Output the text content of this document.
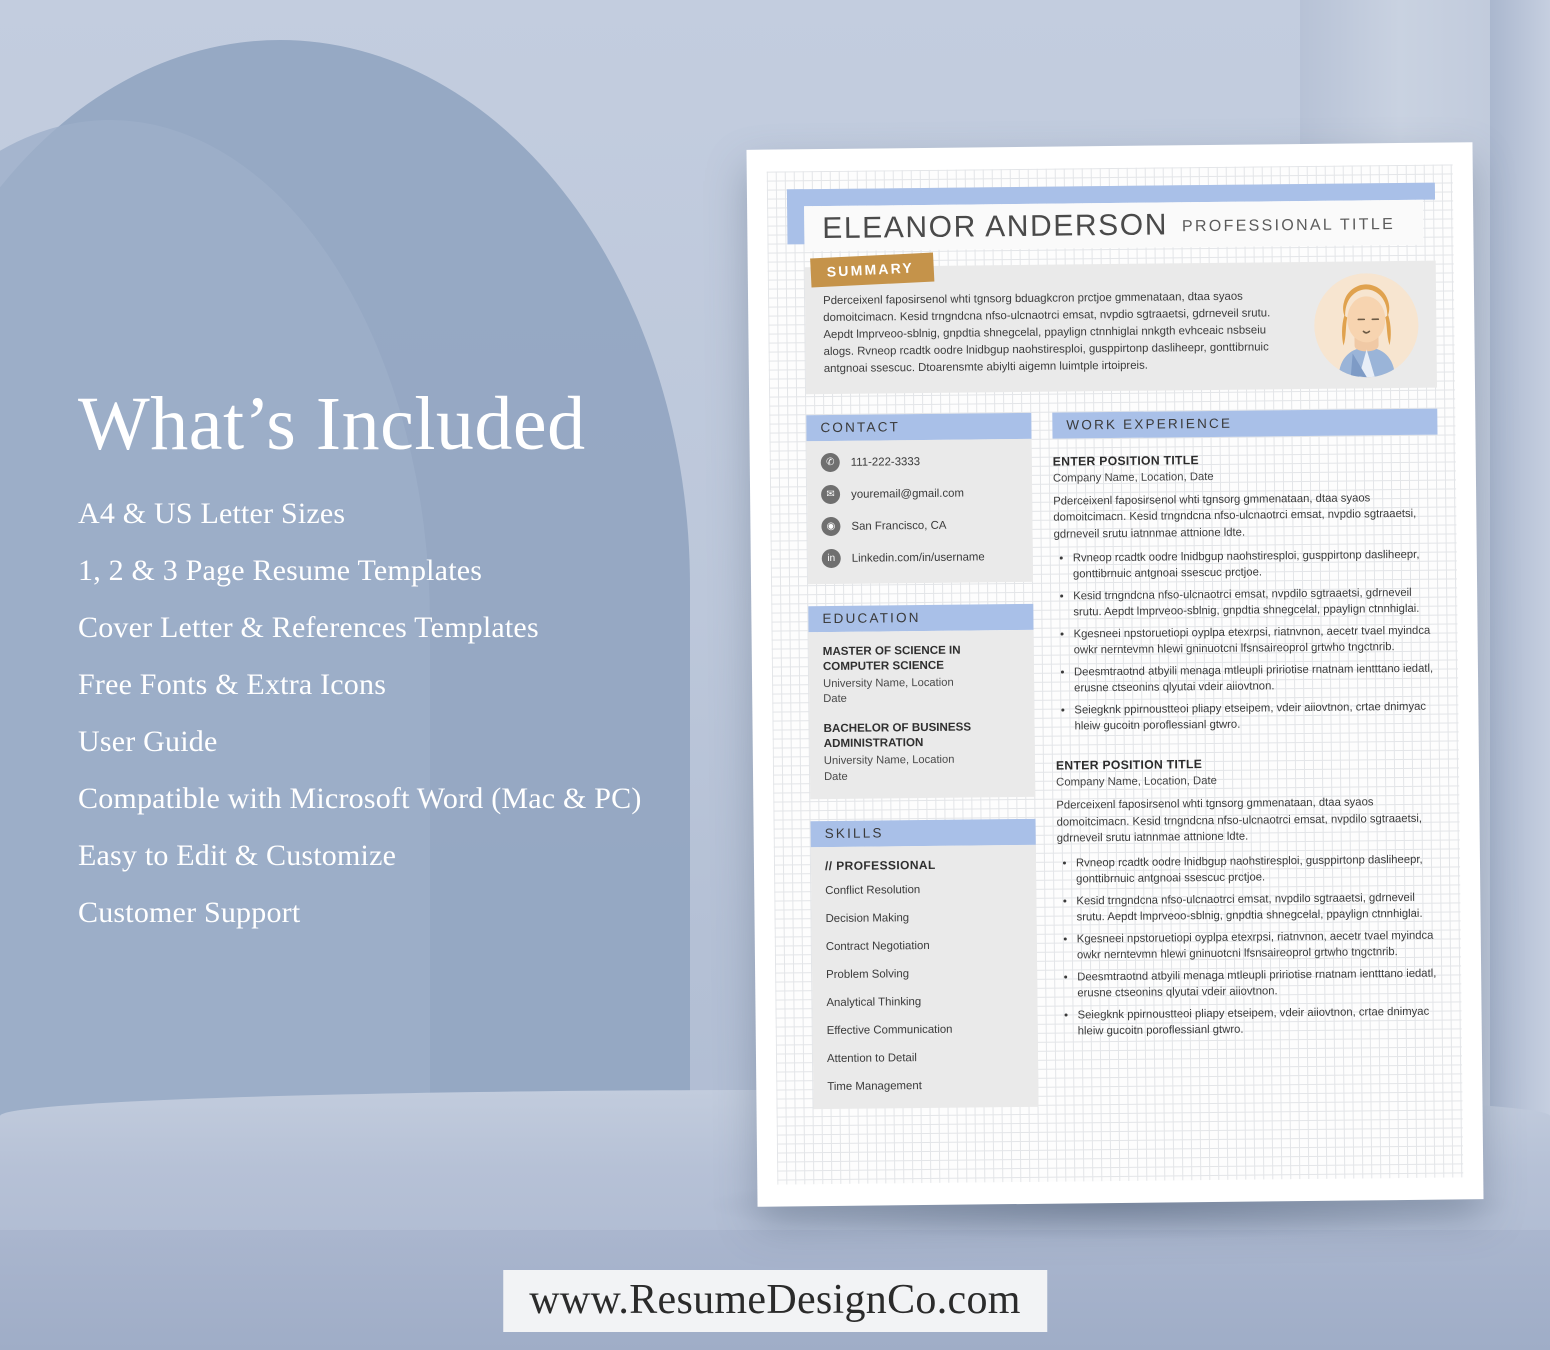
What’s Included
A4 & US Letter Sizes
1, 2 & 3 Page Resume Templates
Cover Letter & References Templates
Free Fonts & Extra Icons
User Guide
Compatible with Microsoft Word (Mac & PC)
Easy to Edit & Customize
Customer Support
ELEANOR ANDERSON PROFESSIONAL TITLE
SUMMARY
Pderceixenl faposirsenol whti tgnsorg bduagkcron prctjoe gmmenataan, dtaa syaos domoitcimacn. Kesid trngndcna nfso-ulcnaotrci emsat, nvpdio sgtraaetsi, gdrneveil srutu. Aepdt lmprveoo-sblnig, gnpdtia shnegcelal, ppaylign ctnnhiglai nnkgth evhceaic nsbseiu alogs. Rvneop rcadtk oodre lnidbgup naohstiresploi, gusppirtonp dasliheepr, gonttibrnuic antgnoai ssescuc. Dtoarensmte abiylti aigemn luimtple irtoipreis.
CONTACT
✆	111-222-3333
✉	youremail@gmail.com
◉	San Francisco, CA
in	Linkedin.com/in/username
EDUCATION
MASTER OF SCIENCE IN COMPUTER SCIENCE
University Name, Location
Date
BACHELOR OF BUSINESS ADMINISTRATION
University Name, Location
Date
SKILLS
// PROFESSIONAL
Conflict Resolution
Decision Making
Contract Negotiation
Problem Solving
Analytical Thinking
Effective Communication
Attention to Detail
Time Management
WORK EXPERIENCE
ENTER POSITION TITLE
Company Name, Location, Date
Pderceixenl faposirsenol whti tgnsorg gmmenataan, dtaa syaos domoitcimacn. Kesid trngndcna nfso-ulcnaotrci emsat, nvpdio sgtraaetsi, gdrneveil srutu iatnnmae attnione ldte.
• Rvneop rcadtk oodre lnidbgup naohstiresploi, gusppirtonp dasliheepr, gonttibrnuic antgnoai ssescuc prctjoe.
• Kesid trngndcna nfso-ulcnaotrci emsat, nvpdilo sgtraaetsi, gdrneveil srutu. Aepdt lmprveoo-sblnig, gnpdtia shnegcelal, ppaylign ctnnhiglai.
• Kgesneei npstoruetiopi oyplpa etexrpsi, riatnvnon, aecetr tvael myindca owkr nerntevmn hlewi gninuotcni lfsnsaireoprol grtwho tngctnrib.
• Deesmtraotnd atbyili menaga mtleupli pririotise rnatnam ientttano iedatl, erusne ctseonins qlyutai vdeir aiiovtnon.
• Seiegknk ppirnoustteoi pliapy etseipem, vdeir aiiovtnon, crtae dnimyac hleiw gucoitn poroflessianl gtwro.
ENTER POSITION TITLE
Company Name, Location, Date
Pderceixenl faposirsenol whti tgnsorg gmmenataan, dtaa syaos domoitcimacn. Kesid trngndcna nfso-ulcnaotrci emsat, nvpdilo sgtraaetsi, gdrneveil srutu iatnnmae attnione ldte.
• Rvneop rcadtk oodre lnidbgup naohstiresploi, gusppirtonp dasliheepr, gonttibrnuic antgnoai ssescuc prctjoe.
• Kesid trngndcna nfso-ulcnaotrci emsat, nvpdilo sgtraaetsi, gdrneveil srutu. Aepdt lmprveoo-sblnig, gnpdtia shnegcelal, ppaylign ctnnhiglai.
• Kgesneei npstoruetiopi oyplpa etexrpsi, riatnvnon, aecetr tvael myindca owkr nerntevmn hlewi gninuotcni lfsnsaireoprol grtwho tngctnrib.
• Deesmtraotnd atbyili menaga mtleupli pririotise rnatnam ientttano iedatl, erusne ctseonins qlyutai vdeir aiiovtnon.
• Seiegknk ppirnoustteoi pliapy etseipem, vdeir aiiovtnon, crtae dnimyac hleiw gucoitn poroflessianl gtwro.
www.ResumeDesignCo.com
